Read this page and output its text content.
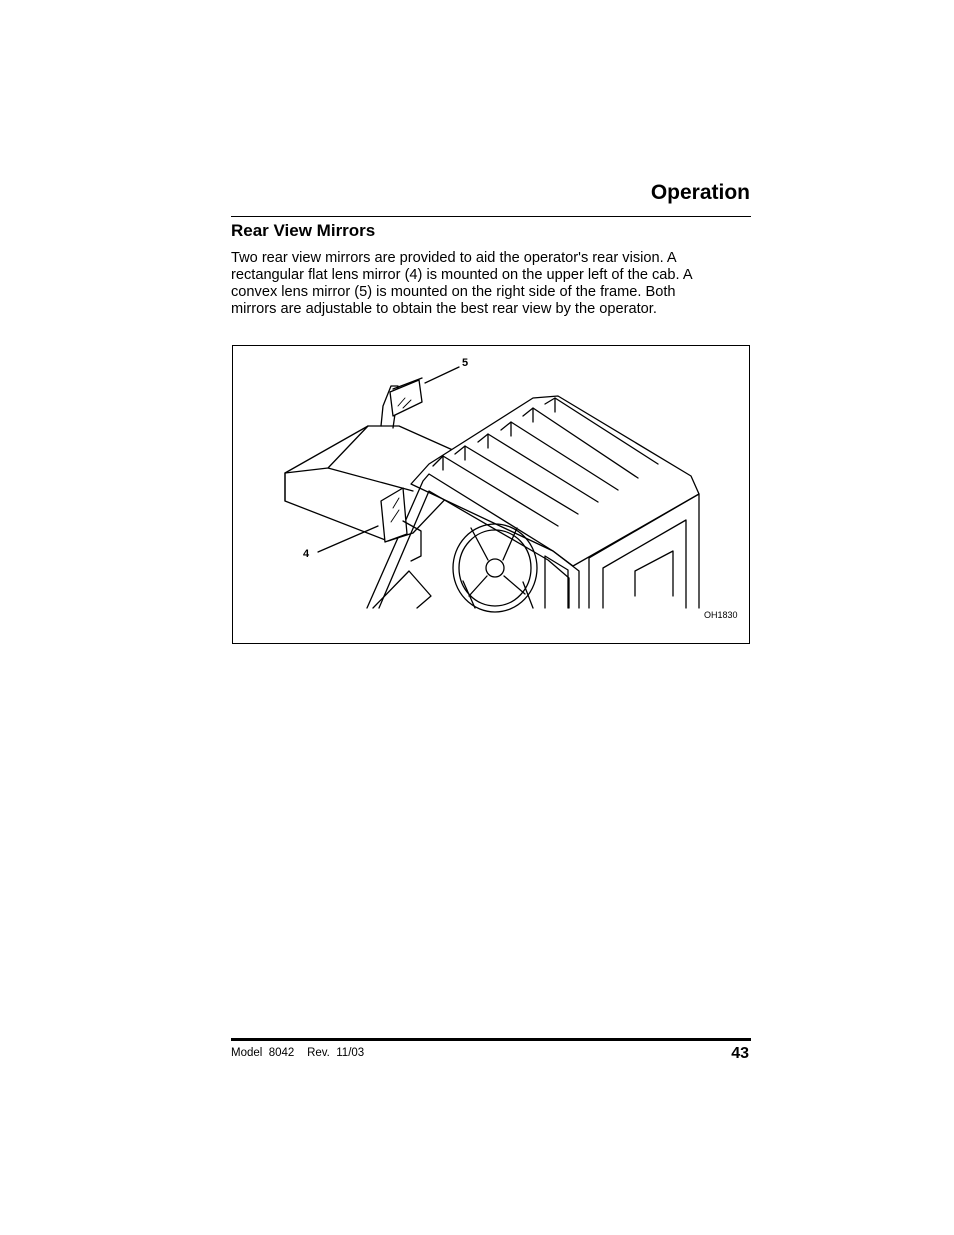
Operation
Rear View Mirrors
Two rear view mirrors are provided to aid the operator's rear vision. A
rectangular flat lens mirror (4) is mounted on the upper left of the cab. A
convex lens mirror (5) is mounted on the right side of the frame. Both
mirrors are adjustable to obtain the best rear view by the operator.
5
4
OH1830
Model  8042    Rev.  11/03	43
